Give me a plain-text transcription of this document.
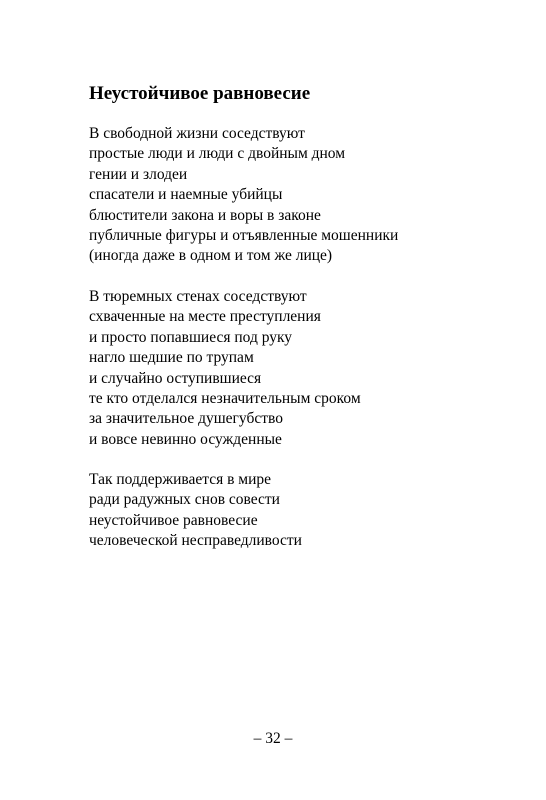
Неустойчивое равновесие
В свободной жизни соседствуют
простые люди и люди с двойным дном
гении и злодеи
спасатели и наемные убийцы
блюстители закона и воры в законе
публичные фигуры и отъявленные мошенники
(иногда даже в одном и том же лице)
В тюремных стенах соседствуют
схваченные на месте преступления
и просто попавшиеся под руку
нагло шедшие по трупам
и случайно оступившиеся
те кто отделался незначительным сроком
за значительное душегубство
и вовсе невинно осужденные
Так поддерживается в мире
ради радужных снов совести
неустойчивое равновесие
человеческой несправедливости
– 32 –
